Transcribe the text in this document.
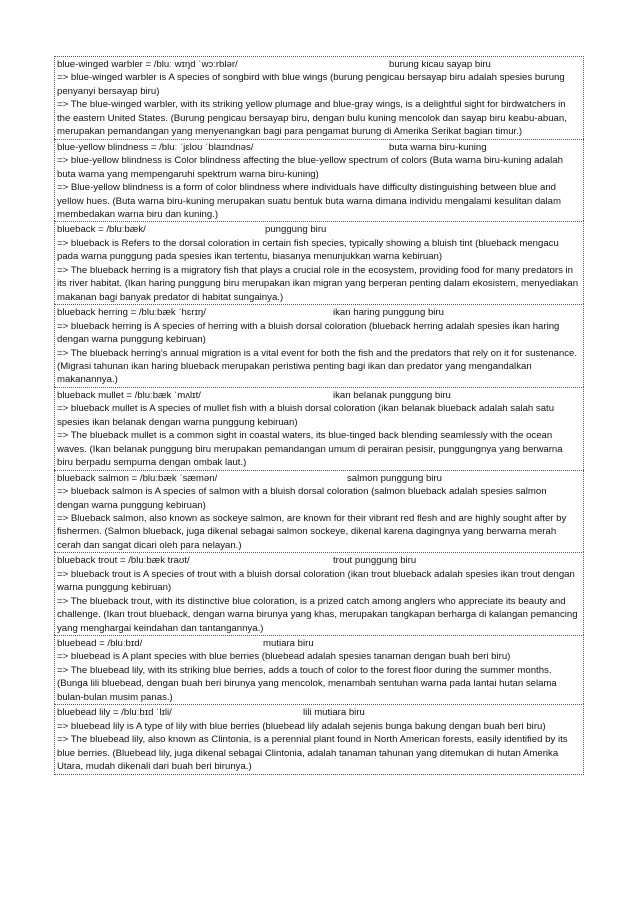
blue-winged warbler = /bluː wɪŋd ˈwɔːrblər/	burung kicau sayap biru
=> blue-winged warbler is A species of songbird with blue wings (burung pengicau bersayap biru adalah spesies burung penyanyi bersayap biru)
=> The blue-winged warbler, with its striking yellow plumage and blue-gray wings, is a delightful sight for birdwatchers in the eastern United States. (Burung pengicau bersayap biru, dengan bulu kuning mencolok dan sayap biru keabu-abuan, merupakan pemandangan yang menyenangkan bagi para pengamat burung di Amerika Serikat bagian timur.)
blue-yellow blindness = /bluː ˈjɛloʊ ˈblaɪndnəs/	buta warna biru-kuning
=> blue-yellow blindness is Color blindness affecting the blue-yellow spectrum of colors (Buta warna biru-kuning adalah buta warna yang mempengaruhi spektrum warna biru-kuning)
=> Blue-yellow blindness is a form of color blindness where individuals have difficulty distinguishing between blue and yellow hues. (Buta warna biru-kuning merupakan suatu bentuk buta warna dimana individu mengalami kesulitan dalam membedakan warna biru dan kuning.)
blueback = /bluːbæk/	punggung biru
=> blueback is Refers to the dorsal coloration in certain fish species, typically showing a bluish tint (blueback mengacu pada warna punggung pada spesies ikan tertentu, biasanya menunjukkan warna kebiruan)
=> The blueback herring is a migratory fish that plays a crucial role in the ecosystem, providing food for many predators in its river habitat. (Ikan haring punggung biru merupakan ikan migran yang berperan penting dalam ekosistem, menyediakan makanan bagi banyak predator di habitat sungainya.)
blueback herring = /bluːbæk ˈhɛrɪŋ/	ikan haring punggung biru
=> blueback herring is A species of herring with a bluish dorsal coloration (blueback herring adalah spesies ikan haring dengan warna punggung kebiruan)
=> The blueback herring's annual migration is a vital event for both the fish and the predators that rely on it for sustenance. (Migrasi tahunan ikan haring blueback merupakan peristiwa penting bagi ikan dan predator yang mengandalkan makanannya.)
blueback mullet = /bluːbæk ˈmʌlɪt/	ikan belanak punggung biru
=> blueback mullet is A species of mullet fish with a bluish dorsal coloration (ikan belanak blueback adalah salah satu spesies ikan belanak dengan warna punggung kebiruan)
=> The blueback mullet is a common sight in coastal waters, its blue-tinged back blending seamlessly with the ocean waves. (Ikan belanak punggung biru merupakan pemandangan umum di perairan pesisir, punggungnya yang berwarna biru berpadu sempurna dengan ombak laut.)
blueback salmon = /bluːbæk ˈsæmən/	salmon punggung biru
=> blueback salmon is A species of salmon with a bluish dorsal coloration (salmon blueback adalah spesies salmon dengan warna punggung kebiruan)
=> Blueback salmon, also known as sockeye salmon, are known for their vibrant red flesh and are highly sought after by fishermen. (Salmon blueback, juga dikenal sebagai salmon sockeye, dikenal karena dagingnya yang berwarna merah cerah dan sangat dicari oleh para nelayan.)
blueback trout = /bluːbæk traʊt/	trout punggung biru
=> blueback trout is A species of trout with a bluish dorsal coloration (ikan trout blueback adalah spesies ikan trout dengan warna punggung kebiruan)
=> The blueback trout, with its distinctive blue coloration, is a prized catch among anglers who appreciate its beauty and challenge. (Ikan trout blueback, dengan warna birunya yang khas, merupakan tangkapan berharga di kalangan pemancing yang menghargai keindahan dan tantangannya.)
bluebead = /bluːbɪd/	mutiara biru
=> bluebead is A plant species with blue berries (bluebead adalah spesies tanaman dengan buah beri biru)
=> The bluebead lily, with its striking blue berries, adds a touch of color to the forest floor during the summer months. (Bunga lili bluebead, dengan buah beri birunya yang mencolok, menambah sentuhan warna pada lantai hutan selama bulan-bulan musim panas.)
bluebead lily = /bluːbɪd ˈlɪli/	lili mutiara biru
=> bluebead lily is A type of lily with blue berries (bluebead lily adalah sejenis bunga bakung dengan buah beri biru)
=> The bluebead lily, also known as Clintonia, is a perennial plant found in North American forests, easily identified by its blue berries. (Bluebead lily, juga dikenal sebagai Clintonia, adalah tanaman tahunan yang ditemukan di hutan Amerika Utara, mudah dikenali dari buah beri birunya.)
